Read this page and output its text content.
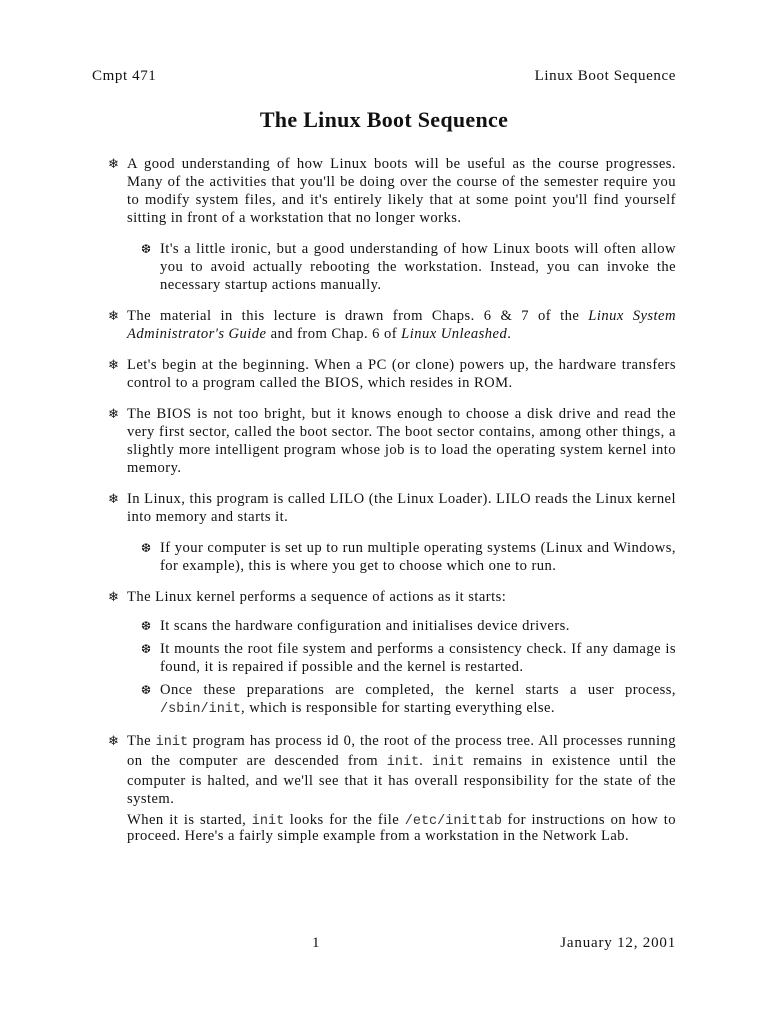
Cmpt 471	Linux Boot Sequence
The Linux Boot Sequence
❄ A good understanding of how Linux boots will be useful as the course progresses. Many of the activities that you'll be doing over the course of the semester require you to modify system files, and it's entirely likely that at some point you'll find yourself sitting in front of a workstation that no longer works.
❆ It's a little ironic, but a good understanding of how Linux boots will often allow you to avoid actually rebooting the workstation. Instead, you can invoke the necessary startup actions manually.
❄ The material in this lecture is drawn from Chaps. 6 & 7 of the Linux System Administrator's Guide and from Chap. 6 of Linux Unleashed.
❄ Let's begin at the beginning. When a PC (or clone) powers up, the hardware transfers control to a program called the BIOS, which resides in ROM.
❄ The BIOS is not too bright, but it knows enough to choose a disk drive and read the very first sector, called the boot sector. The boot sector contains, among other things, a slightly more intelligent program whose job is to load the operating system kernel into memory.
❄ In Linux, this program is called LILO (the Linux Loader). LILO reads the Linux kernel into memory and starts it.
❆ If your computer is set up to run multiple operating systems (Linux and Windows, for example), this is where you get to choose which one to run.
❄ The Linux kernel performs a sequence of actions as it starts:
❆ It scans the hardware configuration and initialises device drivers.
❆ It mounts the root file system and performs a consistency check. If any damage is found, it is repaired if possible and the kernel is restarted.
❆ Once these preparations are completed, the kernel starts a user process, /sbin/init, which is responsible for starting everything else.
❄ The init program has process id 0, the root of the process tree. All processes running on the computer are descended from init. init remains in existence until the computer is halted, and we'll see that it has overall responsibility for the state of the system.
When it is started, init looks for the file /etc/inittab for instructions on how to proceed. Here's a fairly simple example from a workstation in the Network Lab.
1	January 12, 2001
